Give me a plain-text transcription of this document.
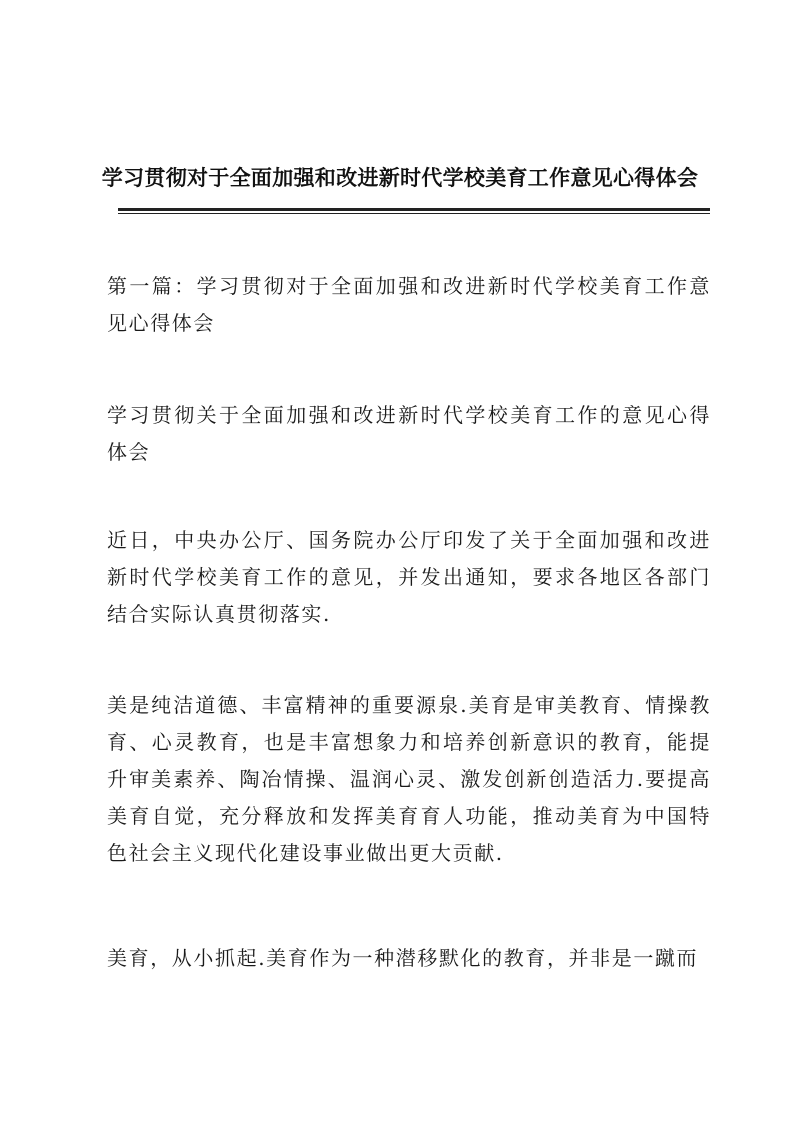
学习贯彻对于全面加强和改进新时代学校美育工作意见心得体会
第一篇：学习贯彻对于全面加强和改进新时代学校美育工作意见心得体会
学习贯彻关于全面加强和改进新时代学校美育工作的意见心得体会
近日，中央办公厅、国务院办公厅印发了关于全面加强和改进新时代学校美育工作的意见，并发出通知，要求各地区各部门结合实际认真贯彻落实.
美是纯洁道德、丰富精神的重要源泉.美育是审美教育、情操教育、心灵教育，也是丰富想象力和培养创新意识的教育，能提升审美素养、陶冶情操、温润心灵、激发创新创造活力.要提高美育自觉，充分释放和发挥美育育人功能，推动美育为中国特色社会主义现代化建设事业做出更大贡献.
美育，从小抓起.美育作为一种潜移默化的教育，并非是一蹴而
